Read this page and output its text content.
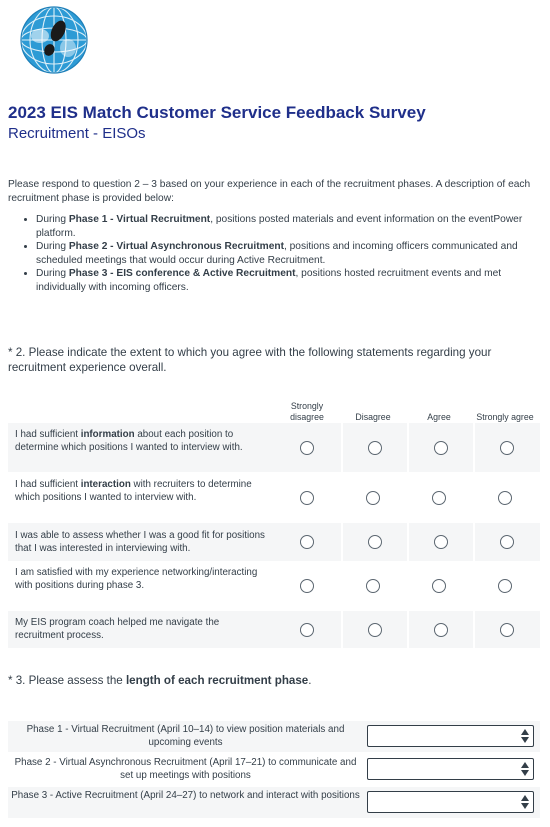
2023 EIS Match Customer Service Feedback Survey
Recruitment - EISOs

Please respond to question 2 – 3 based on your experience in each of the recruitment phases. A description of each recruitment phase is provided below:

• During Phase 1 - Virtual Recruitment, positions posted materials and event information on the eventPower platform.
• During Phase 2 - Virtual Asynchronous Recruitment, positions and incoming officers communicated and scheduled meetings that would occur during Active Recruitment.
• During Phase 3 - EIS conference & Active Recruitment, positions hosted recruitment events and met individually with incoming officers.
* 2. Please indicate the extent to which you agree with the following statements regarding your recruitment experience overall.
Strongly disagree	Disagree	Agree	Strongly agree
I had sufficient information about each position to determine which positions I wanted to interview with.
I had sufficient interaction with recruiters to determine which positions I wanted to interview with.
I was able to assess whether I was a good fit for positions that I was interested in interviewing with.
I am satisfied with my experience networking/interacting with positions during phase 3.
My EIS program coach helped me navigate the recruitment process.
* 3. Please assess the length of each recruitment phase.
Phase 1 - Virtual Recruitment (April 10–14) to view position materials and upcoming events
Phase 2 - Virtual Asynchronous Recruitment (April 17–21) to communicate and set up meetings with positions
Phase 3 - Active Recruitment (April 24–27) to network and interact with positions
